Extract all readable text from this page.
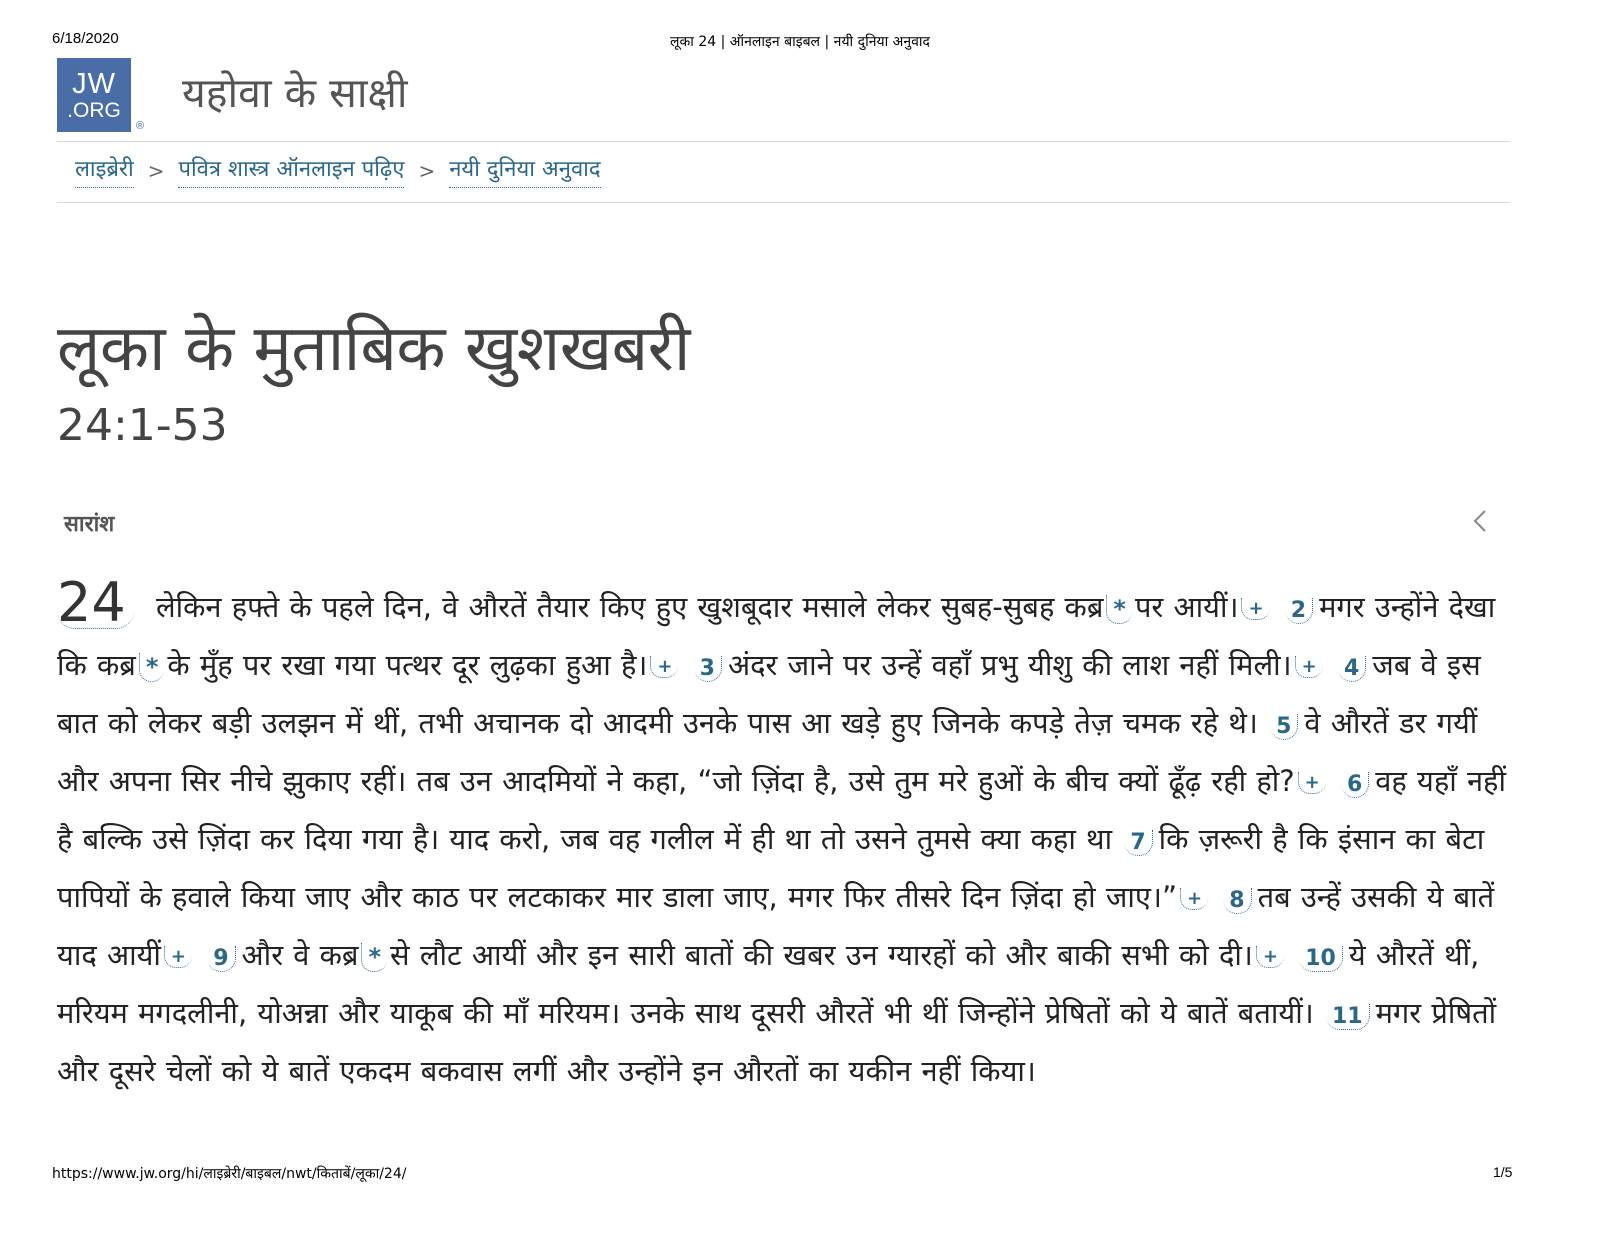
6/18/2020	लूका 24 | ऑनलाइन बाइबल | नयी दुनिया अनुवाद
JW
.ORG
®
यहोवा के साक्षी
लाइब्रेरी > पवित्र शास्त्र ऑनलाइन पढ़िए > नयी दुनिया अनुवाद
लूका के मुताबिक खुशखबरी
24:1-53
सारांश
24 लेकिन हफ्ते के पहले दिन, वे औरतें तैयार किए हुए खुशबूदार मसाले लेकर सुबह-सुबह कब्र * पर आयीं। + 2 मगर उन्होंने देखा कि कब्र * के मुँह पर रखा गया पत्थर दूर लुढ़का हुआ है। + 3 अंदर जाने पर उन्हें वहाँ प्रभु यीशु की लाश नहीं मिली। + 4 जब वे इस बात को लेकर बड़ी उलझन में थीं, तभी अचानक दो आदमी उनके पास आ खड़े हुए जिनके कपड़े तेज़ चमक रहे थे। 5 वे औरतें डर गयीं और अपना सिर नीचे झुकाए रहीं। तब उन आदमियों ने कहा, “जो ज़िंदा है, उसे तुम मरे हुओं के बीच क्यों ढूँढ़ रही हो? + 6 वह यहाँ नहीं है बल्कि उसे ज़िंदा कर दिया गया है। याद करो, जब वह गलील में ही था तो उसने तुमसे क्या कहा था 7 कि ज़रूरी है कि इंसान का बेटा पापियों के हवाले किया जाए और काठ पर लटकाकर मार डाला जाए, मगर फिर तीसरे दिन ज़िंदा हो जाए।” + 8 तब उन्हें उसकी ये बातें याद आयीं + 9 और वे कब्र * से लौट आयीं और इन सारी बातों की खबर उन ग्यारहों को और बाकी सभी को दी। + 10 ये औरतें थीं, मरियम मगदलीनी, योअन्ना और याकूब की माँ मरियम। उनके साथ दूसरी औरतें भी थीं जिन्होंने प्रेषितों को ये बातें बतायीं। 11 मगर प्रेषितों और दूसरे चेलों को ये बातें एकदम बकवास लगीं और उन्होंने इन औरतों का यकीन नहीं किया।
https://www.jw.org/hi/लाइब्रेरी/बाइबल/nwt/किताबें/लूका/24/	1/5
